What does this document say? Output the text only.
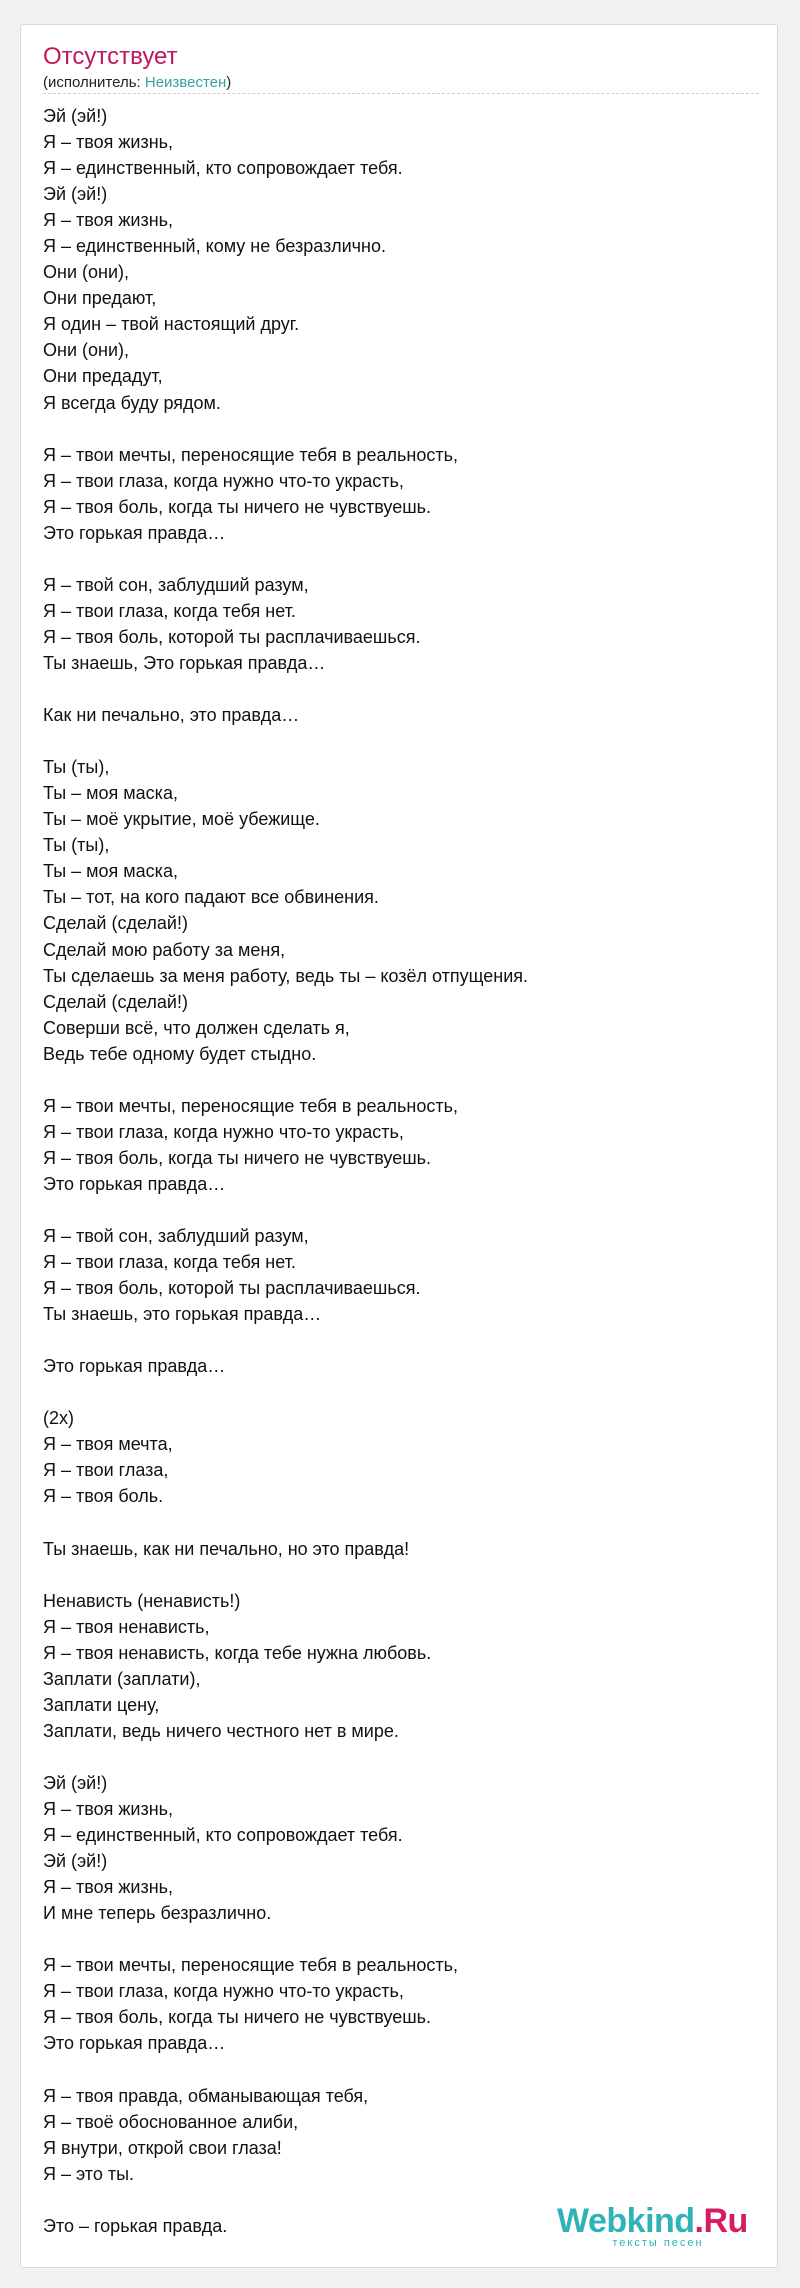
Отсутствует
(исполнитель: Неизвестен)
Эй (эй!)
Я – твоя жизнь,
Я – единственный, кто сопровождает тебя.
Эй (эй!)
Я – твоя жизнь,
Я – единственный, кому не безразлично.
Они (они),
Они предают,
Я один – твой настоящий друг.
Они (они),
Они предадут,
Я всегда буду рядом.
Я – твои мечты, переносящие тебя в реальность,
Я – твои глаза, когда нужно что-то украсть,
Я – твоя боль, когда ты ничего не чувствуешь.
Это горькая правда…
Я – твой сон, заблудший разум,
Я – твои глаза, когда тебя нет.
Я – твоя боль, которой ты расплачиваешься.
Ты знаешь, Это горькая правда…
Как ни печально, это правда…
Ты (ты),
Ты – моя маска,
Ты – моё укрытие, моё убежище.
Ты (ты),
Ты – моя маска,
Ты – тот, на кого падают все обвинения.
Сделай (сделай!)
Сделай мою работу за меня,
Ты сделаешь за меня работу, ведь ты – козёл отпущения.
Сделай (сделай!)
Соверши всё, что должен сделать я,
Ведь тебе одному будет стыдно.
Я – твои мечты, переносящие тебя в реальность,
Я – твои глаза, когда нужно что-то украсть,
Я – твоя боль, когда ты ничего не чувствуешь.
Это горькая правда…
Я – твой сон, заблудший разум,
Я – твои глаза, когда тебя нет.
Я – твоя боль, которой ты расплачиваешься.
Ты знаешь, это горькая правда…
Это горькая правда…
(2x)
Я – твоя мечта,
Я – твои глаза,
Я – твоя боль.
Ты знаешь, как ни печально, но это правда!
Ненависть (ненависть!)
Я – твоя ненависть,
Я – твоя ненависть, когда тебе нужна любовь.
Заплати (заплати),
Заплати цену,
Заплати, ведь ничего честного нет в мире.
Эй (эй!)
Я – твоя жизнь,
Я – единственный, кто сопровождает тебя.
Эй (эй!)
Я – твоя жизнь,
И мне теперь безразлично.
Я – твои мечты, переносящие тебя в реальность,
Я – твои глаза, когда нужно что-то украсть,
Я – твоя боль, когда ты ничего не чувствуешь.
Это горькая правда…
Я – твоя правда, обманывающая тебя,
Я – твоё обоснованное алиби,
Я внутри, открой свои глаза!
Я – это ты.
Это – горькая правда.	Webkind.Ru
тексты песен
